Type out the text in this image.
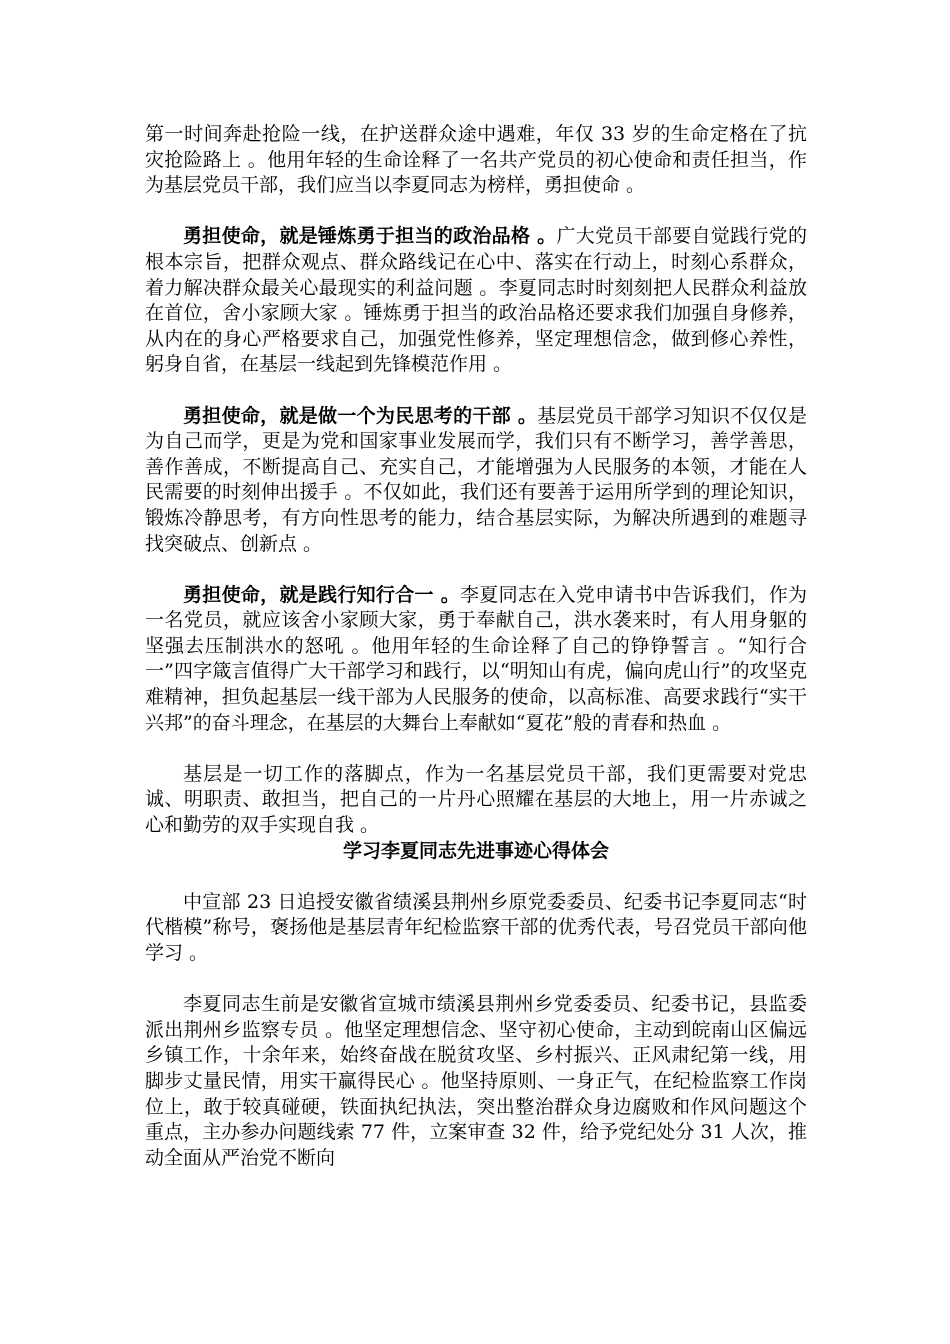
第一时间奔赴抢险一线，在护送群众途中遇难，年仅 33 岁的生命定格在了抗灾抢险路上 。他用年轻的生命诠释了一名共产党员的初心使命和责任担当，作为基层党员干部，我们应当以李夏同志为榜样，勇担使命 。

勇担使命，就是锤炼勇于担当的政治品格 。广大党员干部要自觉践行党的根本宗旨，把群众观点、群众路线记在心中、落实在行动上，时刻心系群众，着力解决群众最关心最现实的利益问题 。李夏同志时时刻刻把人民群众利益放在首位，舍小家顾大家 。锤炼勇于担当的政治品格还要求我们加强自身修养，从内在的身心严格要求自己，加强党性修养，坚定理想信念，做到修心养性，躬身自省，在基层一线起到先锋模范作用 。

勇担使命，就是做一个为民思考的干部 。基层党员干部学习知识不仅仅是为自己而学，更是为党和国家事业发展而学，我们只有不断学习，善学善思，善作善成，不断提高自己、充实自己，才能增强为人民服务的本领，才能在人民需要的时刻伸出援手 。不仅如此，我们还有要善于运用所学到的理论知识，锻炼冷静思考，有方向性思考的能力，结合基层实际，为解决所遇到的难题寻找突破点、创新点 。

勇担使命，就是践行知行合一 。李夏同志在入党申请书中告诉我们，作为一名党员，就应该舍小家顾大家，勇于奉献自己，洪水袭来时，有人用身躯的坚强去压制洪水的怒吼 。他用年轻的生命诠释了自己的铮铮誓言 。“知行合一”四字箴言值得广大干部学习和践行，以“明知山有虎，偏向虎山行”的攻坚克难精神，担负起基层一线干部为人民服务的使命，以高标准、高要求践行“实干兴邦”的奋斗理念，在基层的大舞台上奉献如“夏花”般的青春和热血 。

基层是一切工作的落脚点，作为一名基层党员干部，我们更需要对党忠诚、明职责、敢担当，把自己的一片丹心照耀在基层的大地上，用一片赤诚之心和勤劳的双手实现自我 。

学习李夏同志先进事迹心得体会

中宣部 23 日追授安徽省绩溪县荆州乡原党委委员、纪委书记李夏同志“时代楷模”称号，褒扬他是基层青年纪检监察干部的优秀代表，号召党员干部向他学习 。

李夏同志生前是安徽省宣城市绩溪县荆州乡党委委员、纪委书记，县监委派出荆州乡监察专员 。他坚定理想信念、坚守初心使命，主动到皖南山区偏远乡镇工作，十余年来，始终奋战在脱贫攻坚、乡村振兴、正风肃纪第一线，用脚步丈量民情，用实干赢得民心 。他坚持原则、一身正气，在纪检监察工作岗位上，敢于较真碰硬，铁面执纪执法，突出整治群众身边腐败和作风问题这个重点，主办参办问题线索 77 件，立案审查 32 件，给予党纪处分 31 人次，推动全面从严治党不断向
